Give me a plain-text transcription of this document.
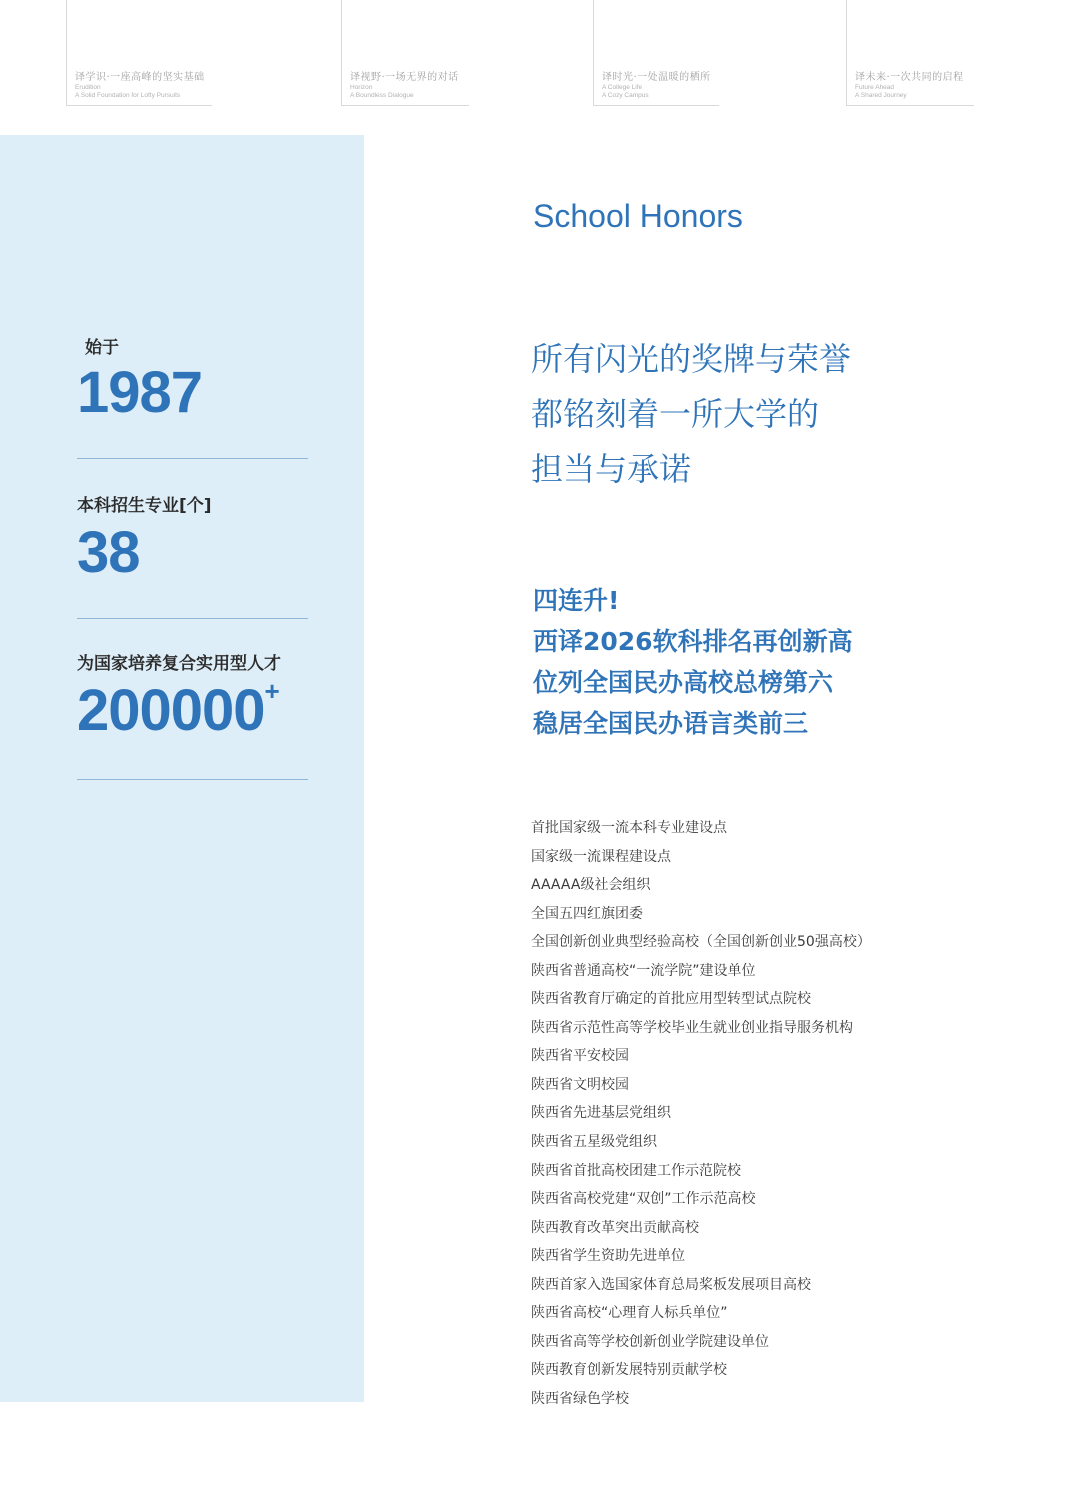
译学识·一座高峰的坚实基础
Erudition
A Solid Foundation for Lofty Pursuits
译视野·一场无界的对话
Horizon
A Boundless Dialogue
译时光·一处温暖的栖所
A College Life
A Cozy Campus
译未来·一次共同的启程
Future Ahead
A Shared Journey
始于
1987
本科招生专业[个]
38
为国家培养复合实用型人才
200000+
School Honors
所有闪光的奖牌与荣誉
都铭刻着一所大学的
担当与承诺
四连升!
西译2026软科排名再创新高
位列全国民办高校总榜第六
稳居全国民办语言类前三
首批国家级一流本科专业建设点
国家级一流课程建设点
AAAAA级社会组织
全国五四红旗团委
全国创新创业典型经验高校（全国创新创业50强高校）
陕西省普通高校“一流学院”建设单位
陕西省教育厅确定的首批应用型转型试点院校
陕西省示范性高等学校毕业生就业创业指导服务机构
陕西省平安校园
陕西省文明校园
陕西省先进基层党组织
陕西省五星级党组织
陕西省首批高校团建工作示范院校
陕西省高校党建“双创”工作示范高校
陕西教育改革突出贡献高校
陕西省学生资助先进单位
陕西首家入选国家体育总局桨板发展项目高校
陕西省高校“心理育人标兵单位”
陕西省高等学校创新创业学院建设单位
陕西教育创新发展特别贡献学校
陕西省绿色学校
